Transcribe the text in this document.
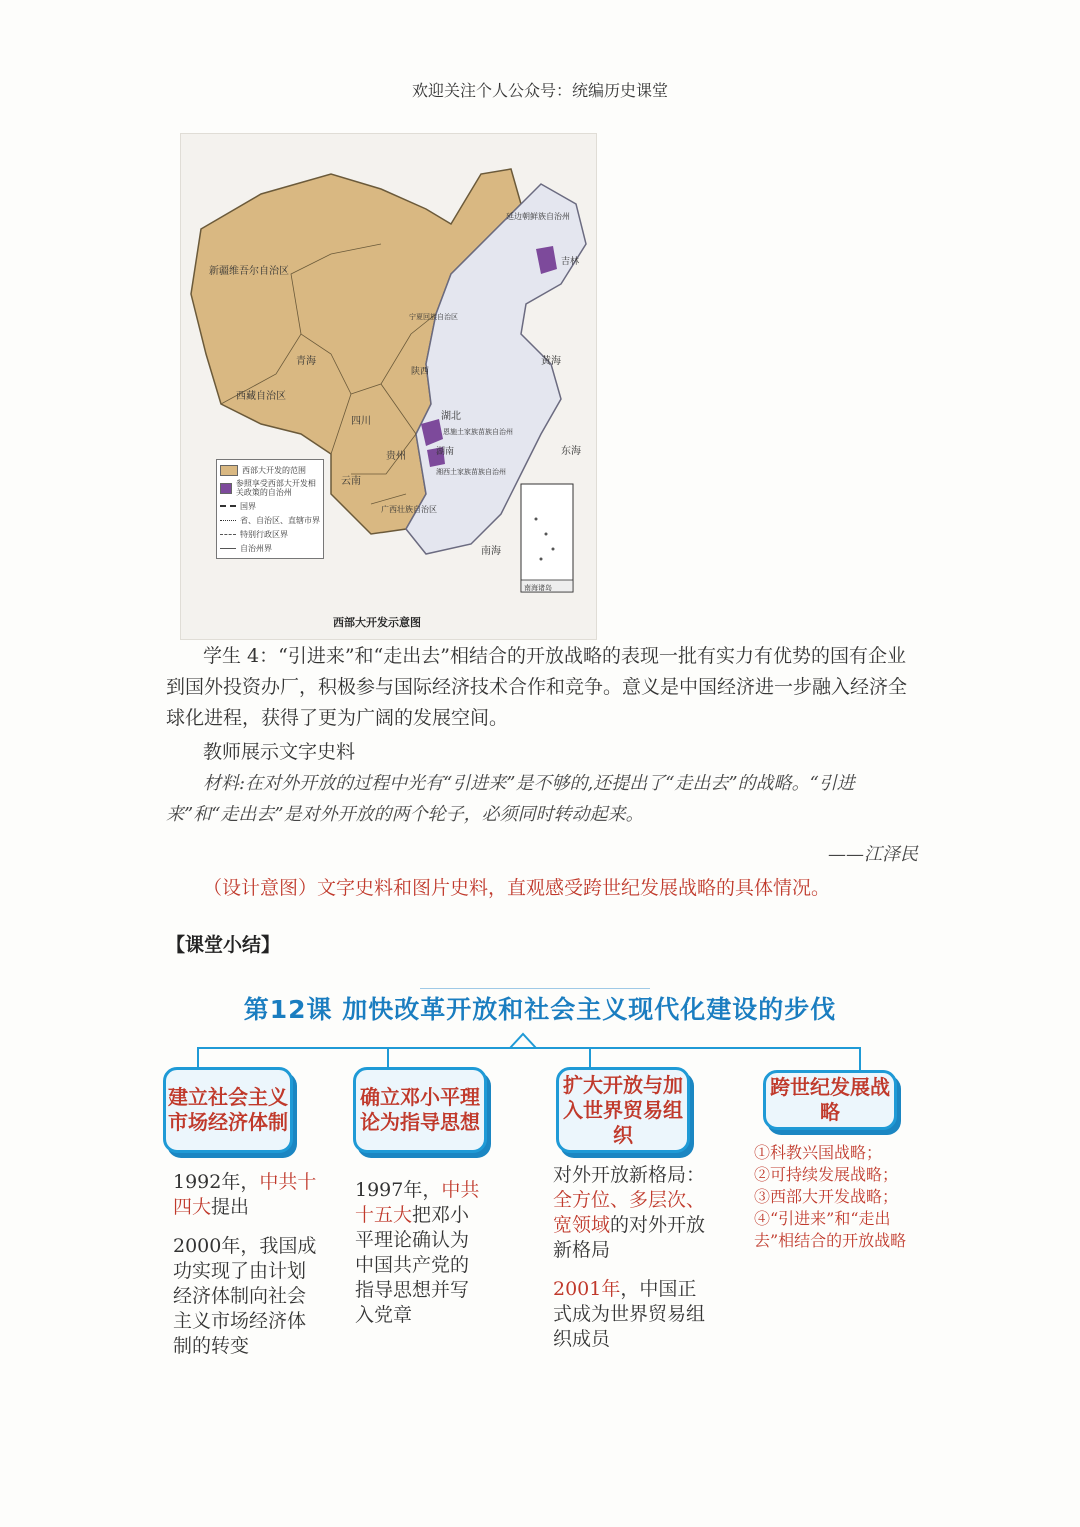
欢迎关注个人公众号：统编历史课堂
新疆维吾尔自治区
西藏自治区
青海
四川
云南
贵州
广西壮族自治区
延边朝鲜族自治州
湖北
湖南
恩施土家族苗族自治州
湘西土家族苗族自治州
宁夏回族自治区
吉林
陕西
黄海
东海
南海
南海诸岛
西部大开发示意图
西部大开发的范围
参照享受西部大开发相关政策的自治州
国界
省、自治区、直辖市界
特别行政区界
自治州界
学生 4：“引进来”和“走出去”相结合的开放战略的表现一批有实力有优势的国有企业到国外投资办厂，积极参与国际经济技术合作和竞争。意义是中国经济进一步融入经济全球化进程，获得了更为广阔的发展空间。
教师展示文字史料
材料:在对外开放的过程中光有“引进来”是不够的,还提出了“走出去”的战略。“引进来”和“走出去”是对外开放的两个轮子，必须同时转动起来。
——江泽民
（设计意图）文字史料和图片史料，直观感受跨世纪发展战略的具体情况。
【课堂小结】
第12课 加快改革开放和社会主义现代化建设的步伐
建立社会主义市场经济体制
确立邓小平理论为指导思想
扩大开放与加入世界贸易组织
跨世纪发展战略
1992年，中共十四大提出
2000年，我国成功实现了由计划经济体制向社会主义市场经济体制的转变
1997年，中共十五大把邓小平理论确认为中国共产党的指导思想并写入党章
对外开放新格局：全方位、多层次、宽领域的对外开放新格局
2001年，中国正式成为世界贸易组织成员
①科教兴国战略；
②可持续发展战略；
③西部大开发战略；
④“引进来”和“走出去”相结合的开放战略
